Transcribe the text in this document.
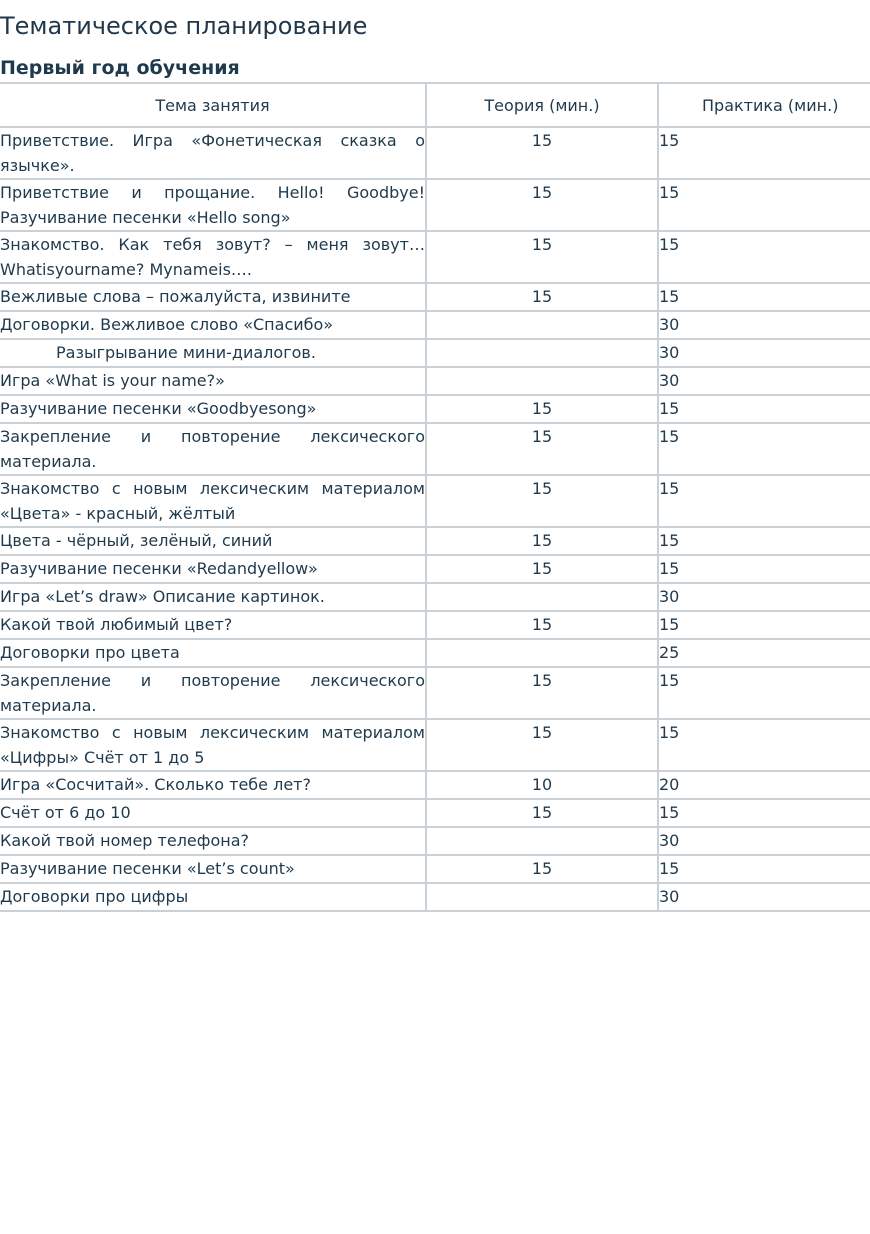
Тематическое планирование
Первый год обучения
Тема занятия	Теория (мин.)	Практика (мин.)
Приветствие. Игра «Фонетическая сказка о язычке».	15	15
Приветствие и прощание. Hello! Goodbye! Разучивание песенки «Hello song»	15	15
Знакомство. Как тебя зовут? – меня зовут…Whatisyourname? Mynameis….	15	15
Вежливые слова – пожалуйста, извините	15	15
Договорки. Вежливое слово «Спасибо»		30
Разыгрывание мини-диалогов.		30
Игра «What is your name?»		30
Разучивание песенки «Goodbyesong»	15	15
Закрепление и повторение лексического материала.	15	15
Знакомство с новым лексическим материалом «Цвета» - красный, жёлтый	15	15
Цвета - чёрный, зелёный, синий	15	15
Разучивание песенки «Redandyellow»	15	15
Игра «Let’s draw» Описание картинок.		30
Какой твой любимый цвет?	15	15
Договорки про цвета		25
Закрепление и повторение лексического материала.	15	15
Знакомство с новым лексическим материалом «Цифры» Счёт от 1 до 5	15	15
Игра «Сосчитай». Сколько тебе лет?	10	20
Счёт от 6 до 10	15	15
Какой твой номер телефона?		30
Разучивание песенки «Let’s count»	15	15
Договорки про цифры		30
